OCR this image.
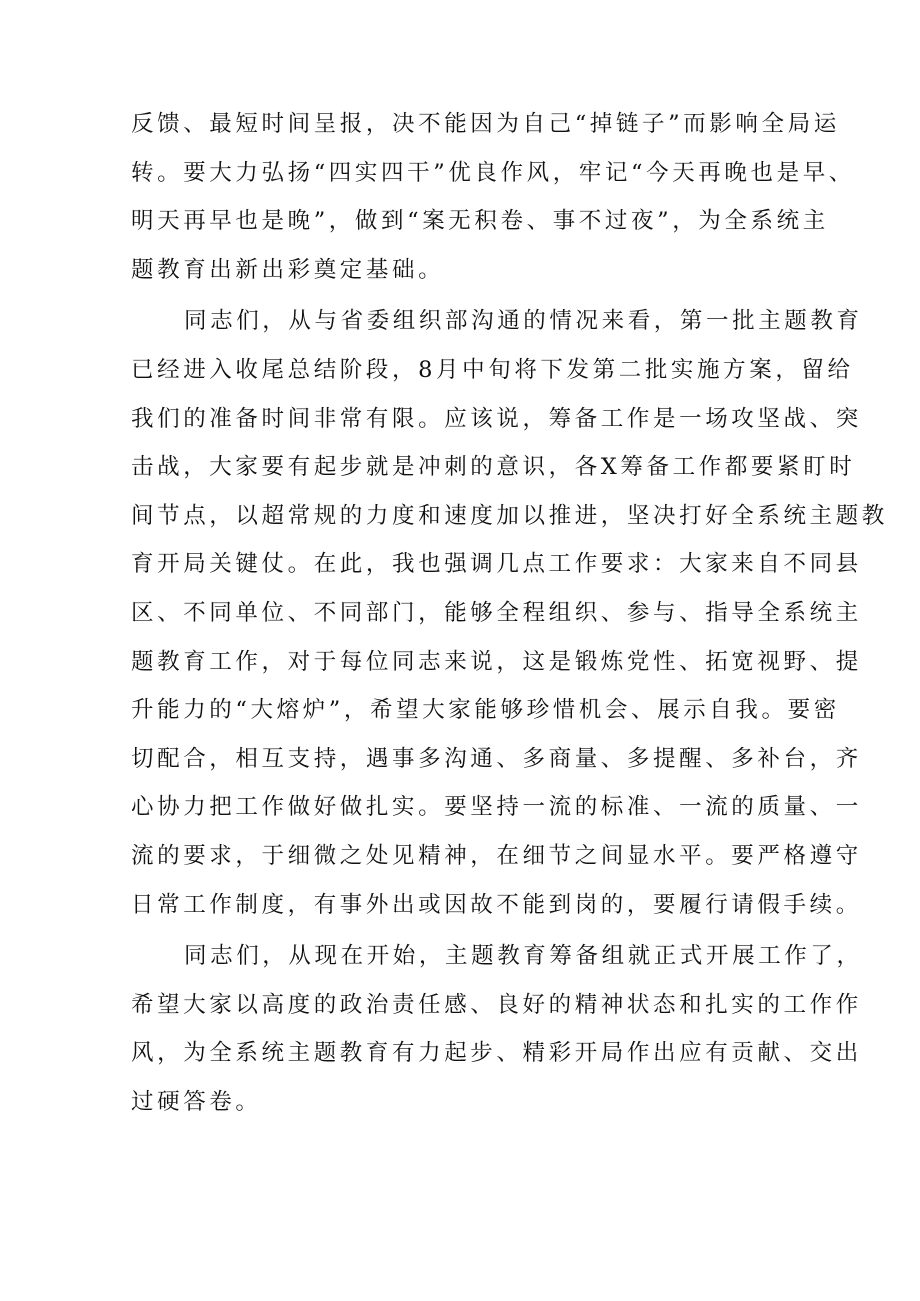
反馈、最短时间呈报，决不能因为自己“掉链子”而影响全局运
转。要大力弘扬“四实四干”优良作风，牢记“今天再晚也是早、
明天再早也是晚”，做到“案无积卷、事不过夜”，为全系统主
题教育出新出彩奠定基础。
同志们，从与省委组织部沟通的情况来看，第一批主题教育
已经进入收尾总结阶段，8月中旬将下发第二批实施方案，留给
我们的准备时间非常有限。应该说，筹备工作是一场攻坚战、突
击战，大家要有起步就是冲刺的意识，各X筹备工作都要紧盯时
间节点，以超常规的力度和速度加以推进，坚决打好全系统主题教
育开局关键仗。在此，我也强调几点工作要求：大家来自不同县
区、不同单位、不同部门，能够全程组织、参与、指导全系统主
题教育工作，对于每位同志来说，这是锻炼党性、拓宽视野、提
升能力的“大熔炉”，希望大家能够珍惜机会、展示自我。要密
切配合，相互支持，遇事多沟通、多商量、多提醒、多补台，齐
心协力把工作做好做扎实。要坚持一流的标准、一流的质量、一
流的要求，于细微之处见精神，在细节之间显水平。要严格遵守
日常工作制度，有事外出或因故不能到岗的，要履行请假手续。
同志们，从现在开始，主题教育筹备组就正式开展工作了，
希望大家以高度的政治责任感、良好的精神状态和扎实的工作作
风，为全系统主题教育有力起步、精彩开局作出应有贡献、交出
过硬答卷。
